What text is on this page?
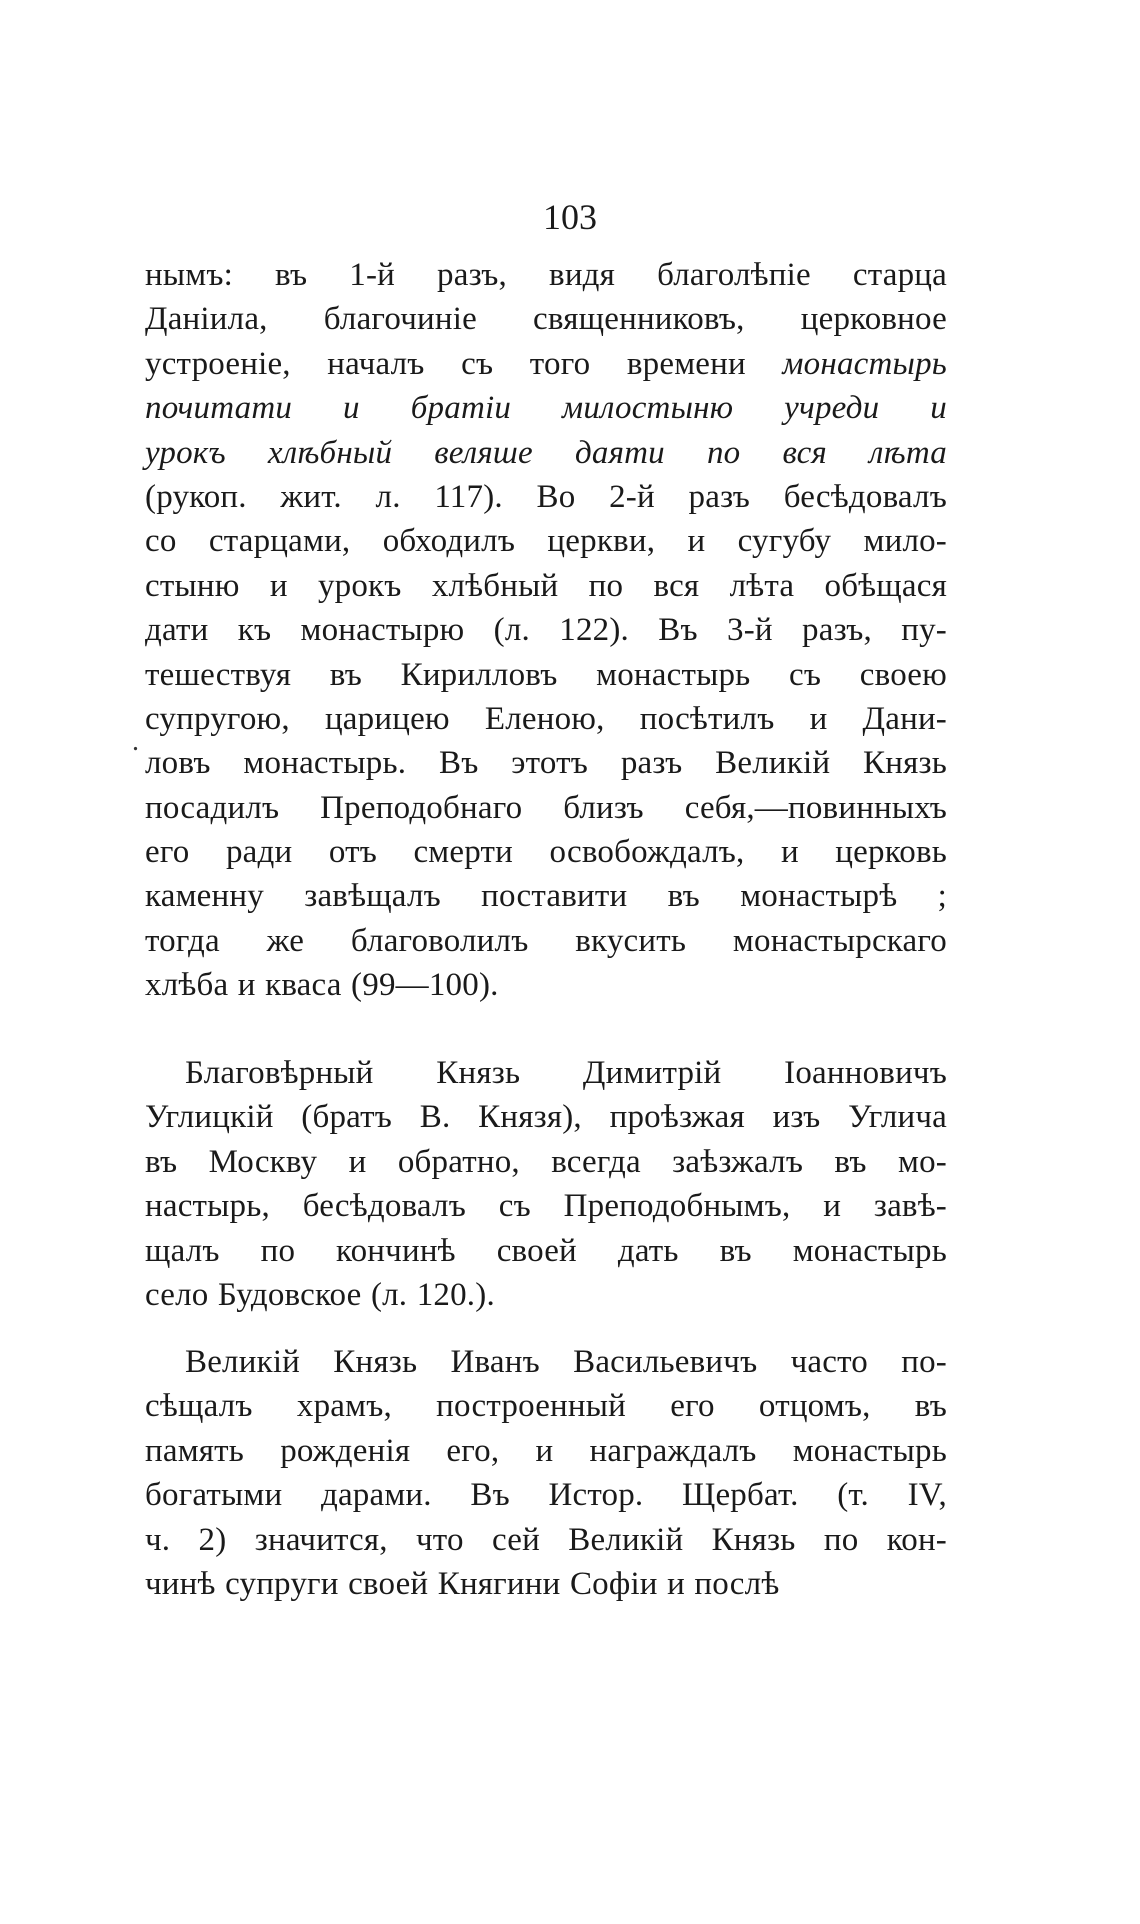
103
нымъ: въ 1-й разъ, видя благолѣпіе старца
Даніила, благочиніе священниковъ, церковное
устроеніе, началъ съ того времени монастырь
почитати и братіи милостыню учреди и
урокъ хлѣбный веляше даяти по вся лѣта
(рукоп. жит. л. 117). Во 2-й разъ бесѣдовалъ
со старцами, обходилъ церкви, и сугубу мило-
стыню и урокъ хлѣбный по вся лѣта обѣщася
дати къ монастырю (л. 122). Въ 3-й разъ, пу-
тешествуя въ Кирилловъ монастырь съ своею
супругою, царицею Еленою, посѣтилъ и Дани-
ловъ монастырь. Въ этотъ разъ Великій Князь
посадилъ Преподобнаго близъ себя,—повинныхъ
его ради отъ смерти освобождалъ, и церковь
каменну завѣщалъ поставити въ монастырѣ ;
тогда же благоволилъ вкусить монастырскаго
хлѣба и кваса (99—100).
Благовѣрный Князь Димитрій Іоанновичъ
Углицкій (братъ В. Князя), проѣзжая изъ Углича
въ Москву и обратно, всегда заѣзжалъ въ мо-
настырь, бесѣдовалъ съ Преподобнымъ, и завѣ-
щалъ по кончинѣ своей дать въ монастырь
село Будовское (л. 120.).
Великій Князь Иванъ Васильевичъ часто по-
сѣщалъ храмъ, построенный его отцомъ, въ
память рожденія его, и награждалъ монастырь
богатыми дарами. Въ Истор. Щербат. (т. IV,
ч. 2) значится, что сей Великій Князь по кон-
чинѣ супруги своей Княгини Софіи и послѣ
.
